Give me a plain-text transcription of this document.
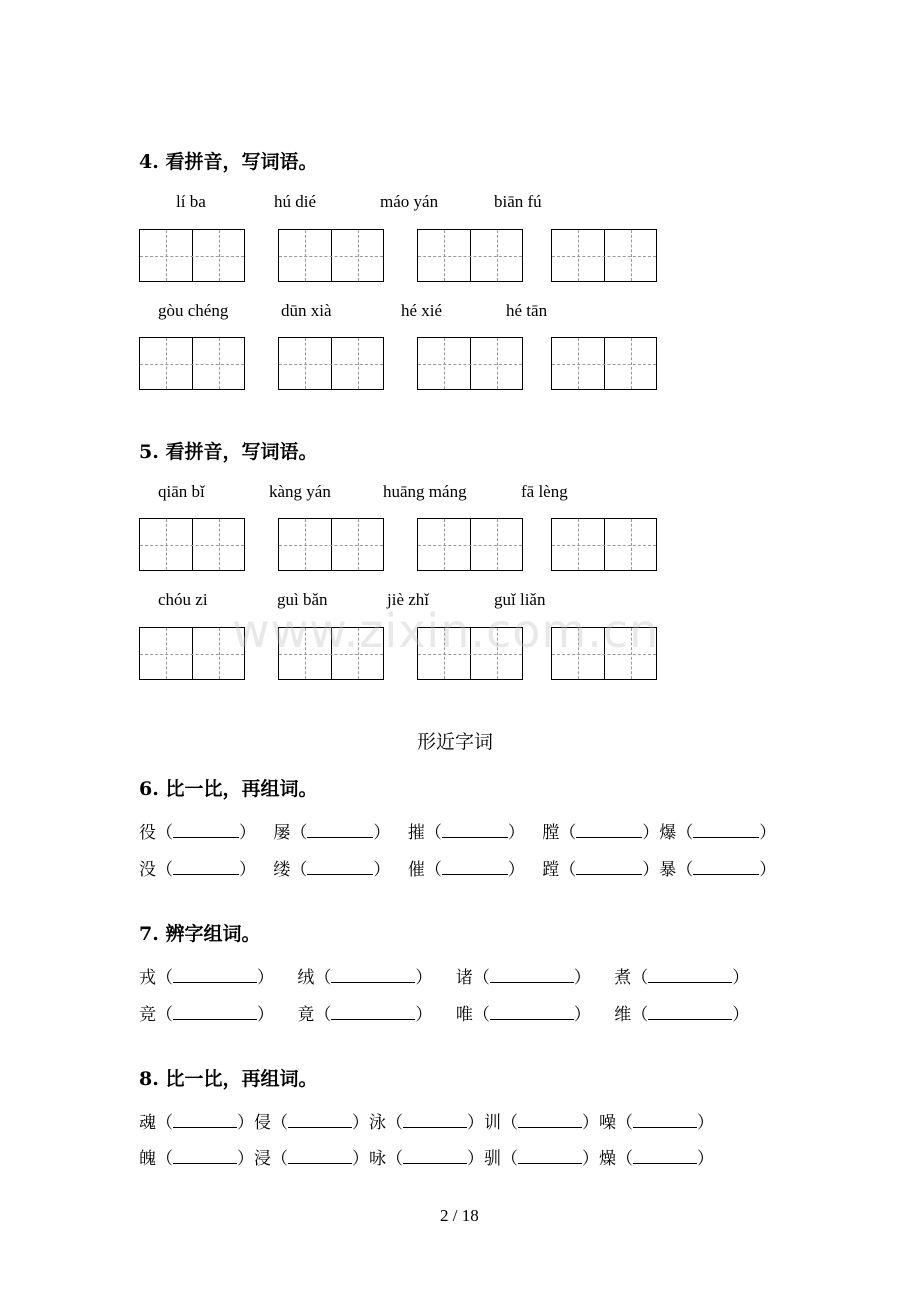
4. 看拼音，写词语。
lí ba	hú dié	máo yán	biān fú
gòu chéng	dūn xià	hé xié	hé tān
5. 看拼音，写词语。
qiān bǐ	kàng yán	huāng máng	fā lèng
chóu zi	guì bǎn	jiè zhǐ	guǐ liǎn
www.zixin.com.cn
形近字词
6. 比一比，再组词。
役（	） 屡（	） 摧（	） 膛（	）爆（	）
没（	） 缕（	） 催（	） 蹚（	）暴（	）
7. 辨字组词。
戎（	） 绒（	） 诸（	） 煮（	）
竞（	） 竟（	） 唯（	） 维（	）
8. 比一比，再组词。
魂（	）侵（	）泳（	）训（	）噪（	）
魄（	）浸（	）咏（	）驯（	）燥（	）
2 / 18
